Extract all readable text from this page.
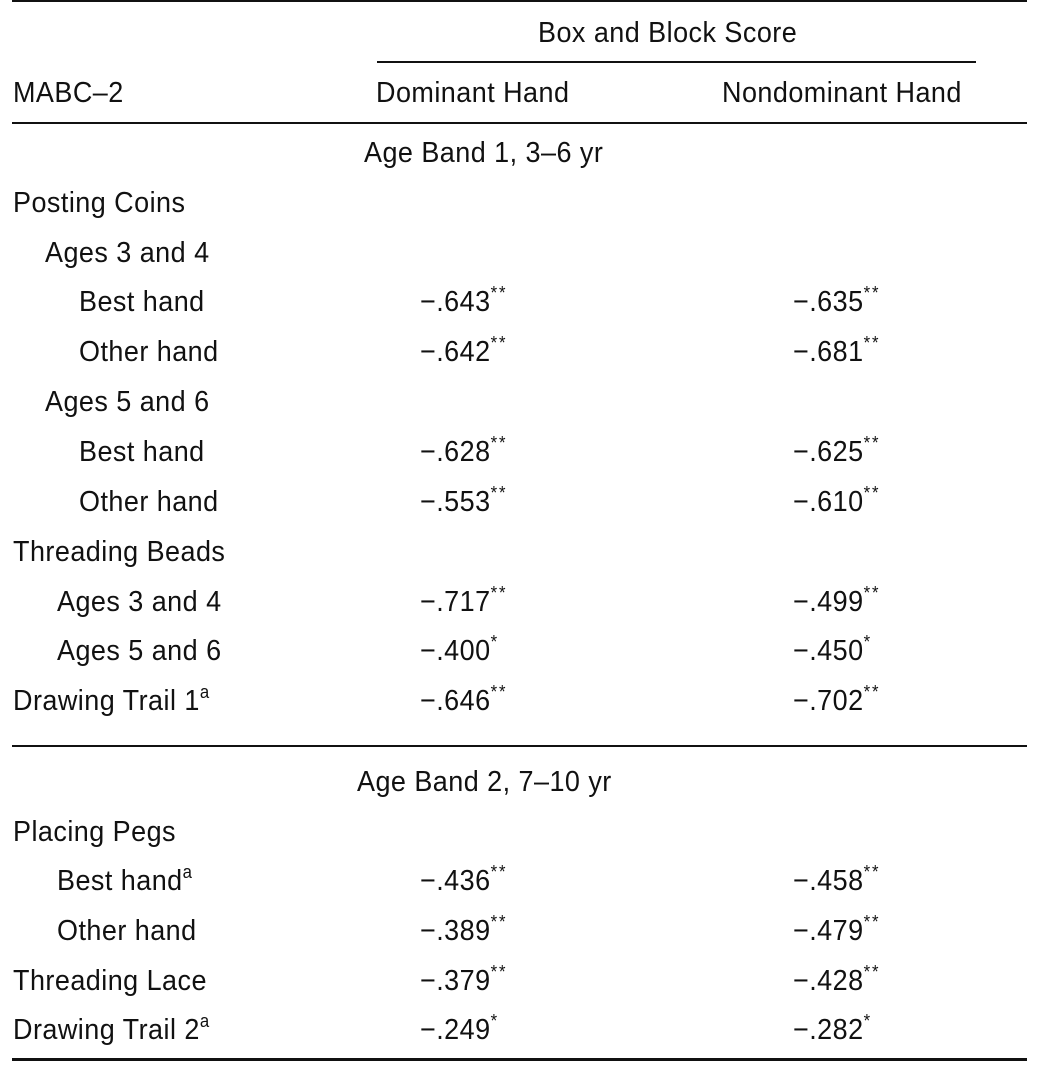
Box and Block Score
MABC–2	Dominant Hand	Nondominant Hand
Age Band 1, 3–6 yr
Posting Coins
Ages 3 and 4
Best hand	−.643**	−.635**
Other hand	−.642**	−.681**
Ages 5 and 6
Best hand	−.628**	−.625**
Other hand	−.553**	−.610**
Threading Beads
Ages 3 and 4	−.717**	−.499**
Ages 5 and 6	−.400*	−.450*
Drawing Trail $1^a$	−.646**	−.702**
Age Band 2, 7–10 yr
Placing Pegs
Best hand$^a$	−.436**	−.458**
Other hand	−.389**	−.479**
Threading Lace	−.379**	−.428**
Drawing Trail $2^a$	−.249*	−.282*
